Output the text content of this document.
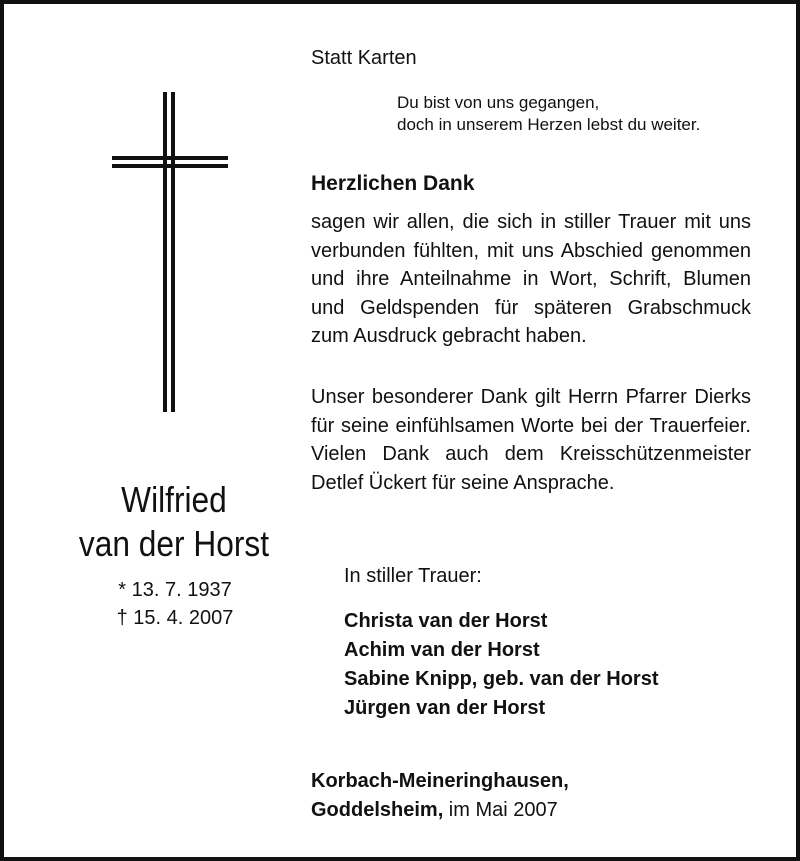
Wilfried
van der Horst
* 13. 7. 1937
† 15. 4. 2007
Statt Karten
Du bist von uns gegangen,
doch in unserem Herzen lebst du weiter.
Herzlichen Dank
sagen wir allen, die sich in stiller Trauer mit uns verbunden fühlten, mit uns Abschied genommen und ihre Anteilnahme in Wort, Schrift, Blumen und Geldspenden für späteren Grabschmuck zum Ausdruck gebracht haben.
Unser besonderer Dank gilt Herrn Pfarrer Dierks für seine einfühlsamen Worte bei der Trauerfeier. Vielen Dank auch dem Kreisschützenmeister Detlef Ückert für seine Ansprache.
In stiller Trauer:
Christa van der Horst
Achim van der Horst
Sabine Knipp, geb. van der Horst
Jürgen van der Horst
Korbach-Meineringhausen,
Goddelsheim, im Mai 2007
